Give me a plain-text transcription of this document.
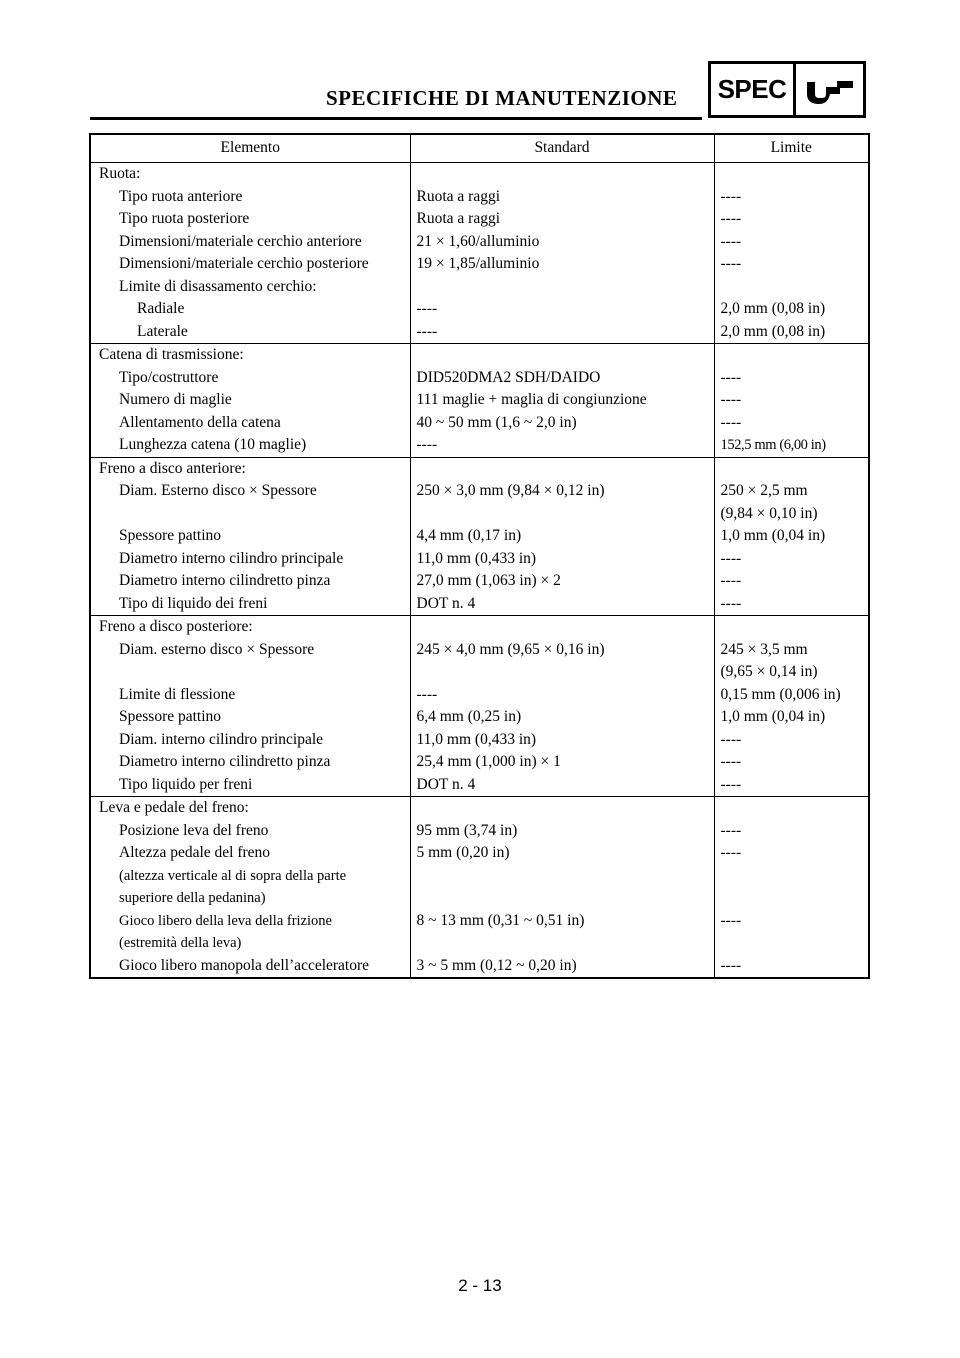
SPECIFICHE DI MANUTENZIONE SPEC
Elemento	Standard	Limite

Ruota:		

Tipo ruota anteriore	Ruota a raggi	----

Tipo ruota posteriore	Ruota a raggi	----

Dimensioni/materiale cerchio anteriore	21 × 1,60/alluminio	----

Dimensioni/materiale cerchio posteriore	19 × 1,85/alluminio	----

Limite di disassamento cerchio:		

Radiale	----	2,0 mm (0,08 in)

Laterale	----	2,0 mm (0,08 in)

Catena di trasmissione:		

Tipo/costruttore	DID520DMA2 SDH/DAIDO	----

Numero di maglie	111 maglie + maglia di congiunzione	----

Allentamento della catena	40 ~ 50 mm (1,6 ~ 2,0 in)	----

Lunghezza catena (10 maglie)	----	152,5 mm (6,00 in)

Freno a disco anteriore:		

Diam. Esterno disco × Spessore	250 × 3,0 mm (9,84 × 0,12 in)	250 × 2,5 mm
(9,84 × 0,10 in)

Spessore pattino	4,4 mm (0,17 in)	1,0 mm (0,04 in)

Diametro interno cilindro principale	11,0 mm (0,433 in)	----

Diametro interno cilindretto pinza	27,0 mm (1,063 in) × 2	----

Tipo di liquido dei freni	DOT n. 4	----

Freno a disco posteriore:		

Diam. esterno disco × Spessore	245 × 4,0 mm (9,65 × 0,16 in)	245 × 3,5 mm
(9,65 × 0,14 in)

Limite di flessione	----	0,15 mm (0,006 in)

Spessore pattino	6,4 mm (0,25 in)	1,0 mm (0,04 in)

Diam. interno cilindro principale	11,0 mm (0,433 in)	----

Diametro interno cilindretto pinza	25,4 mm (1,000 in) × 1	----

Tipo liquido per freni	DOT n. 4	----

Leva e pedale del freno:		

Posizione leva del freno	95 mm (3,74 in)	----

Altezza pedale del freno
(altezza verticale al di sopra della parte
superiore della pedanina)	5 mm (0,20 in)	----

Gioco libero della leva della frizione
(estremità della leva)	8 ~ 13 mm (0,31 ~ 0,51 in)	----

Gioco libero manopola dell’acceleratore	3 ~ 5 mm (0,12 ~ 0,20 in)	----
2 - 13
